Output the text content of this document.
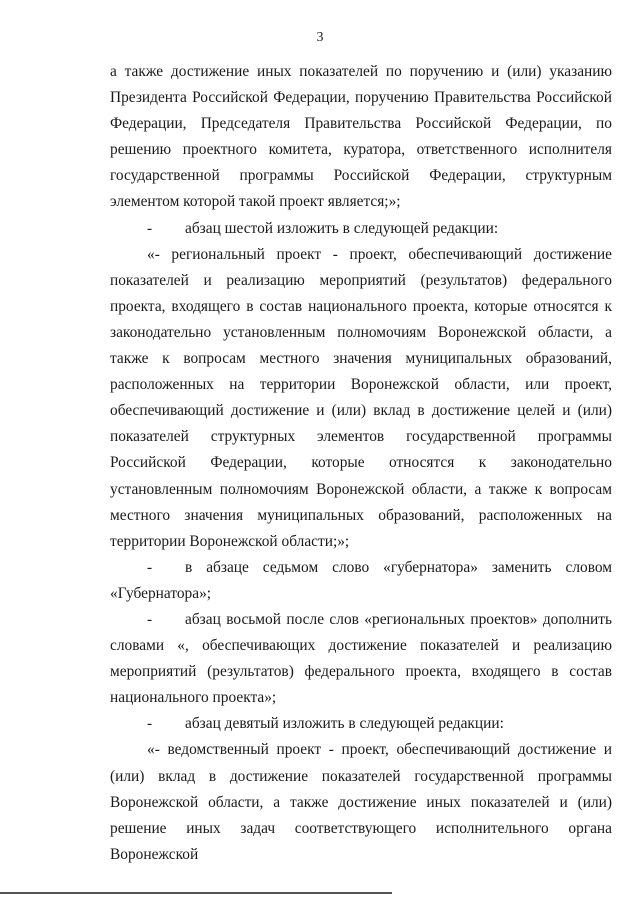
3

а также достижение иных показателей по поручению и (или) указанию Президента Российской Федерации, поручению Правительства Российской Федерации, Председателя Правительства Российской Федерации, по решению проектного комитета, куратора, ответственного исполнителя государственной программы Российской Федерации, структурным элементом которой такой проект является;»;

- абзац шестой изложить в следующей редакции:

«- региональный проект - проект, обеспечивающий достижение показателей и реализацию мероприятий (результатов) федерального проекта, входящего в состав национального проекта, которые относятся к законодательно установленным полномочиям Воронежской области, а также к вопросам местного значения муниципальных образований, расположенных на территории Воронежской области, или проект, обеспечивающий достижение и (или) вклад в достижение целей и (или) показателей структурных элементов государственной программы Российской Федерации, которые относятся к законодательно установленным полномочиям Воронежской области, а также к вопросам местного значения муниципальных образований, расположенных на территории Воронежской области;»;

- в абзаце седьмом слово «губернатора» заменить словом «Губернатора»;

- абзац восьмой после слов «региональных проектов» дополнить словами «, обеспечивающих достижение показателей и реализацию мероприятий (результатов) федерального проекта, входящего в состав национального проекта»;

- абзац девятый изложить в следующей редакции:

«- ведомственный проект - проект, обеспечивающий достижение и (или) вклад в достижение показателей государственной программы Воронежской области, а также достижение иных показателей и (или) решение иных задач соответствующего исполнительного органа Воронежской
